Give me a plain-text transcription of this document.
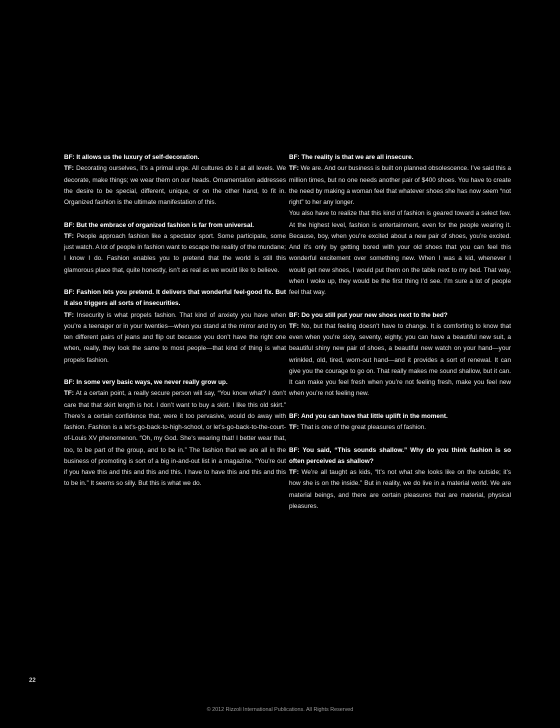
BF: It allows us the luxury of self-decoration.

TF: Decorating ourselves, it’s a primal urge. All cultures do it at all levels. We decorate, make things; we wear them on our heads. Ornamentation addresses the desire to be special, different, unique, or on the other hand, to fit in. Organized fashion is the ultimate manifestation of this.

BF: But the embrace of organized fashion is far from universal.

TF: People approach fashion like a spectator sport. Some participate, some just watch. A lot of people in fashion want to escape the reality of the mundane; I know I do. Fashion enables you to pretend that the world is still this glamorous place that, quite honestly, isn’t as real as we would like to believe.

BF: Fashion lets you pretend. It delivers that wonderful feel-good fix. But it also triggers all sorts of insecurities.

TF: Insecurity is what propels fashion. That kind of anxiety you have when you’re a teenager or in your twenties—when you stand at the mirror and try on ten different pairs of jeans and flip out because you don’t have the right one when, really, they look the same to most people—that kind of thing is what propels fashion.

BF: In some very basic ways, we never really grow up.

TF: At a certain point, a really secure person will say, “You know what? I don’t care that that skirt length is hot. I don’t want to buy a skirt. I like this old skirt.” There’s a certain confidence that, were it too pervasive, would do away with fashion. Fashion is a let’s-go-back-to-high-school, or let’s-go-back-to-the-court-of-Louis XV phenomenon. “Oh, my God. She’s wearing that! I better wear that, too, to be part of the group, and to be in.” The fashion that we are all in the business of promoting is sort of a big in-and-out list in a magazine. “You’re out if you have this and this and this and this. I have to have this and this and this to be in.” It seems so silly. But this is what we do.

BF: The reality is that we are all insecure.

TF: We are. And our business is built on planned obsolescence. I’ve said this a million times, but no one needs another pair of $400 shoes. You have to create the need by making a woman feel that whatever shoes she has now seem “not right” to her any longer.

You also have to realize that this kind of fashion is geared toward a select few. At the highest level, fashion is entertainment, even for the people wearing it. Because, boy, when you’re excited about a new pair of shoes, you’re excited. And it’s only by getting bored with your old shoes that you can feel this wonderful excitement over something new. When I was a kid, whenever I would get new shoes, I would put them on the table next to my bed. That way, when I woke up, they would be the first thing I’d see. I’m sure a lot of people feel that way.

BF: Do you still put your new shoes next to the bed?

TF: No, but that feeling doesn’t have to change. It is comforting to know that even when you’re sixty, seventy, eighty, you can have a beautiful new suit, a beautiful shiny new pair of shoes, a beautiful new watch on your hand—your wrinkled, old, tired, worn-out hand—and it provides a sort of renewal. It can give you the courage to go on. That really makes me sound shallow, but it can. It can make you feel fresh when you’re not feeling fresh, make you feel new when you’re not feeling new.

BF: And you can have that little uplift in the moment.

TF: That is one of the great pleasures of fashion.

BF: You said, “This sounds shallow.” Why do you think fashion is so often perceived as shallow?

TF: We’re all taught as kids, “It’s not what she looks like on the outside; it’s how she is on the inside.” But in reality, we do live in a material world. We are material beings, and there are certain pleasures that are material, physical pleasures.

22
© 2012 Rizzoli International Publications. All Rights Reserved
